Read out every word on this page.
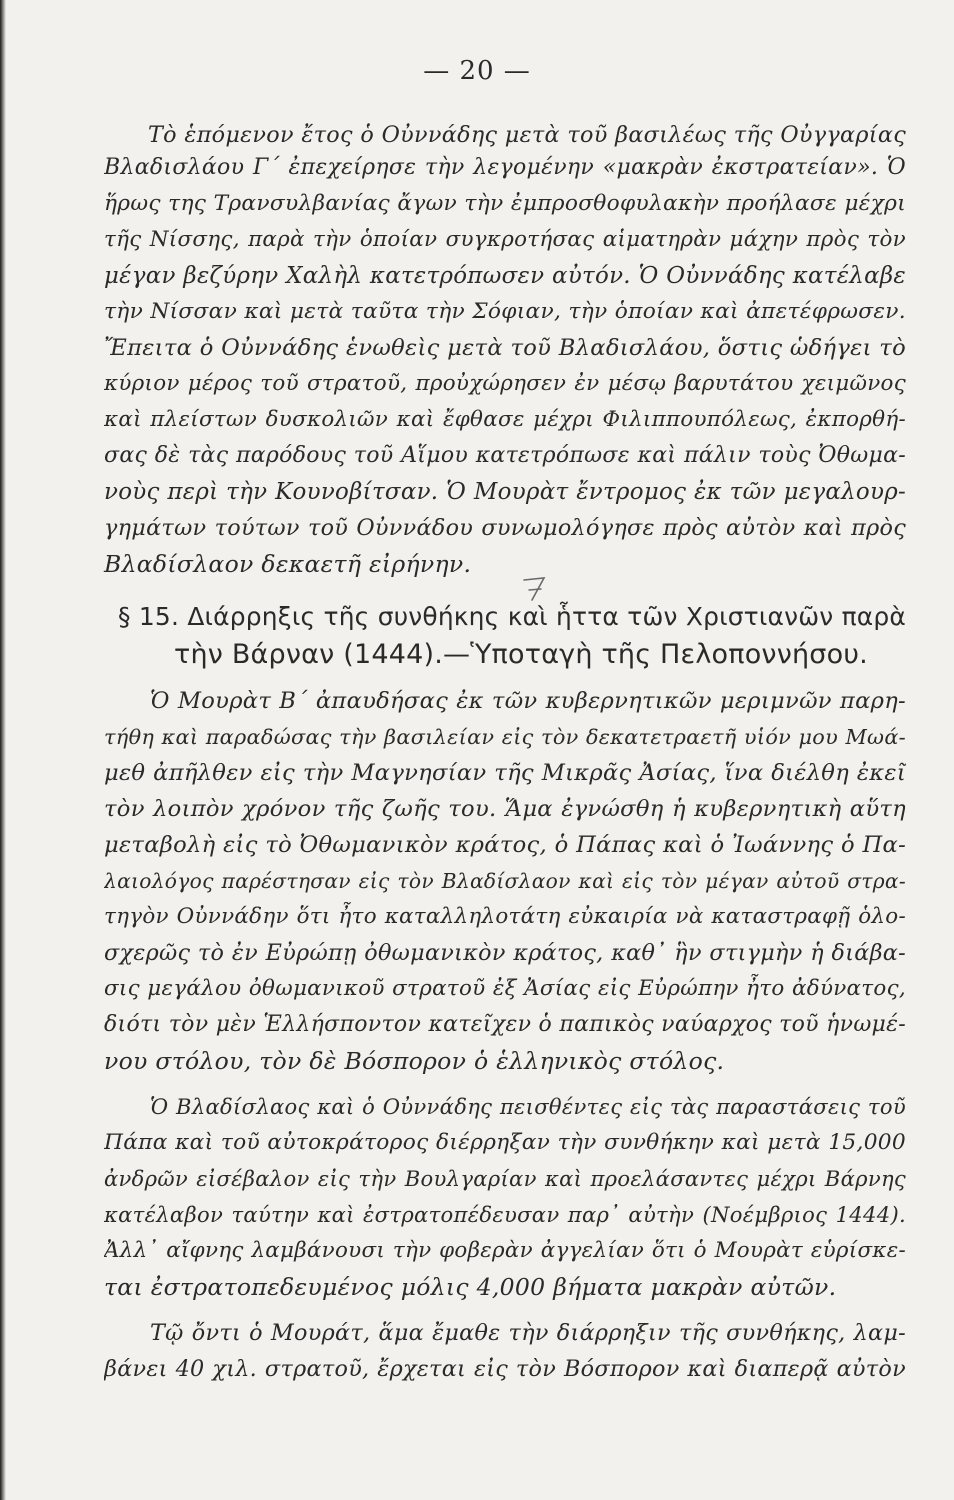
— 20 —
Τὸ ἑπόμενον ἔτος ὁ Οὐννάδης μετὰ τοῦ βασιλέως τῆς Οὐγγαρίας
Βλαδισλάου Γ΄ ἐπεχείρησε τὴν λεγομένην «μακρὰν ἐκστρατείαν». Ὁ
ἥρως της Τρανσυλβανίας ἄγων τὴν ἐμπροσθοφυλακὴν προήλασε μέχρι
τῆς Νίσσης, παρὰ τὴν ὁποίαν συγκροτήσας αἱματηρὰν μάχην πρὸς τὸν
μέγαν βεζύρην Χαλὴλ κατετρόπωσεν αὐτόν. Ὁ Οὐννάδης κατέλαβε
τὴν Νίσσαν καὶ μετὰ ταῦτα τὴν Σόφιαν, τὴν ὁποίαν καὶ ἀπετέφρωσεν.
Ἔπειτα ὁ Οὐννάδης ἑνωθεὶς μετὰ τοῦ Βλαδισλάου, ὅστις ὡδήγει τὸ
κύριον μέρος τοῦ στρατοῦ, προὐχώρησεν ἐν μέσῳ βαρυτάτου χειμῶνος
καὶ πλείστων δυσκολιῶν καὶ ἔφθασε μέχρι Φιλιππουπόλεως, ἐκπορθή-
σας δὲ τὰς παρόδους τοῦ Αἵμου κατετρόπωσε καὶ πάλιν τοὺς Ὀθωμα-
νοὺς περὶ τὴν Κουνοβίτσαν. Ὁ Μουρὰτ ἔντρομος ἐκ τῶν μεγαλουρ-
γημάτων τούτων τοῦ Οὐννάδου συνωμολόγησε πρὸς αὐτὸν καὶ πρὸς
Βλαδίσλαον δεκαετῆ εἰρήνην.
§ 15. Διάρρηξις τῆς συνθήκης καὶ ἧττα τῶν Χριστιανῶν παρὰ
τὴν Βάρναν (1444).—Ὑποταγὴ τῆς Πελοποννήσου.
Ὁ Μουρὰτ Β΄ ἀπαυδήσας ἐκ τῶν κυβερνητικῶν μεριμνῶν παρη-
τήθη καὶ παραδώσας τὴν βασιλείαν εἰς τὸν δεκατετραετῆ υἱόν μου Μωά-
μεθ ἀπῆλθεν εἰς τὴν Μαγνησίαν τῆς Μικρᾶς Ἀσίας, ἵνα διέλθη ἐκεῖ
τὸν λοιπὸν χρόνον τῆς ζωῆς του. Ἅμα ἐγνώσθη ἡ κυβερνητικὴ αὕτη
μεταβολὴ εἰς τὸ Ὀθωμανικὸν κράτος, ὁ Πάπας καὶ ὁ Ἰωάννης ὁ Πα-
λαιολόγος παρέστησαν εἰς τὸν Βλαδίσλαον καὶ εἰς τὸν μέγαν αὐτοῦ στρα-
τηγὸν Οὐννάδην ὅτι ἦτο καταλληλοτάτη εὐκαιρία νὰ καταστραφῇ ὁλο-
σχερῶς τὸ ἐν Εὐρώπῃ ὀθωμανικὸν κράτος, καθ᾽ ἣν στιγμὴν ἡ διάβα-
σις μεγάλου ὀθωμανικοῦ στρατοῦ ἐξ Ἀσίας εἰς Εὐρώπην ἦτο ἀδύνατος,
διότι τὸν μὲν Ἑλλήσποντον κατεῖχεν ὁ παπικὸς ναύαρχος τοῦ ἡνωμέ-
νου στόλου, τὸν δὲ Βόσπορον ὁ ἑλληνικὸς στόλος.
Ὁ Βλαδίσλαος καὶ ὁ Οὐννάδης πεισθέντες εἰς τὰς παραστάσεις τοῦ
Πάπα καὶ τοῦ αὐτοκράτορος διέρρηξαν τὴν συνθήκην καὶ μετὰ 15,000
ἀνδρῶν εἰσέβαλον εἰς τὴν Βουλγαρίαν καὶ προελάσαντες μέχρι Βάρνης
κατέλαβον ταύτην καὶ ἐστρατοπέδευσαν παρ᾽ αὐτὴν (Νοέμβριος 1444).
Ἀλλ᾽ αἴφνης λαμβάνουσι τὴν φοβερὰν ἀγγελίαν ὅτι ὁ Μουρὰτ εὑρίσκε-
ται ἐστρατοπεδευμένος μόλις 4,000 βήματα μακρὰν αὐτῶν.
Τῷ ὄντι ὁ Μουράτ, ἅμα ἔμαθε τὴν διάρρηξιν τῆς συνθήκης, λαμ-
βάνει 40 χιλ. στρατοῦ, ἔρχεται εἰς τὸν Βόσπορον καὶ διαπερᾷ αὐτὸν
